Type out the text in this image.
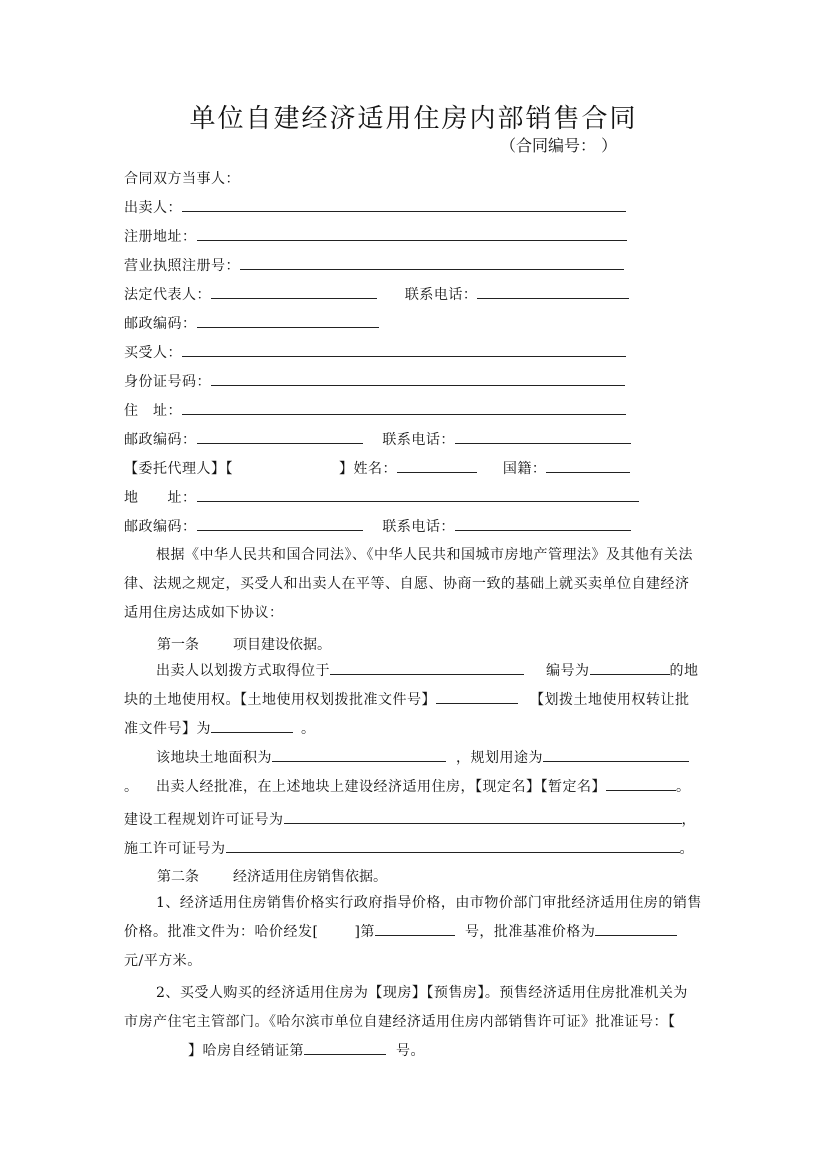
单位自建经济适用住房内部销售合同
（合同编号： ）
合同双方当事人：
出卖人：
注册地址：
营业执照注册号：
法定代表人：	联系电话：
邮政编码：
买受人：
身份证号码：
住　址：
邮政编码：	联系电话：
【委托代理人】【	】姓名：	国籍：
地　　址：
邮政编码：	联系电话：
根据《中华人民共和国合同法》、《中华人民共和国城市房地产管理法》及其他有关法律、法规之规定，买受人和出卖人在平等、自愿、协商一致的基础上就买卖单位自建经济适用住房达成如下协议：
第一条 项目建设依据。
出卖人以划拨方式取得位于	编号为	的地块的土地使用权。【土地使用权划拨批准文件号】	【划拨土地使用权转让批准文件号】为	。
该地块土地面积为	，规划用途为。	出卖人经批准，在上述地块上建设经济适用住房，【现定名】【暂定名】	。
建设工程规划许可证号为	，
施工许可证号为	。
第二条 经济适用住房销售依据。
1、经济适用住房销售价格实行政府指导价格，由市物价部门审批经济适用住房的销售价格。批准文件为：哈价经发[	]第	号，批准基准价格为元/平方米。
2、买受人购买的经济适用住房为【现房】【预售房】。预售经济适用住房批准机关为市房产住宅主管部门。《哈尔滨市单位自建经济适用住房内部销售许可证》批准证号：【】哈房自经销证第	号。
